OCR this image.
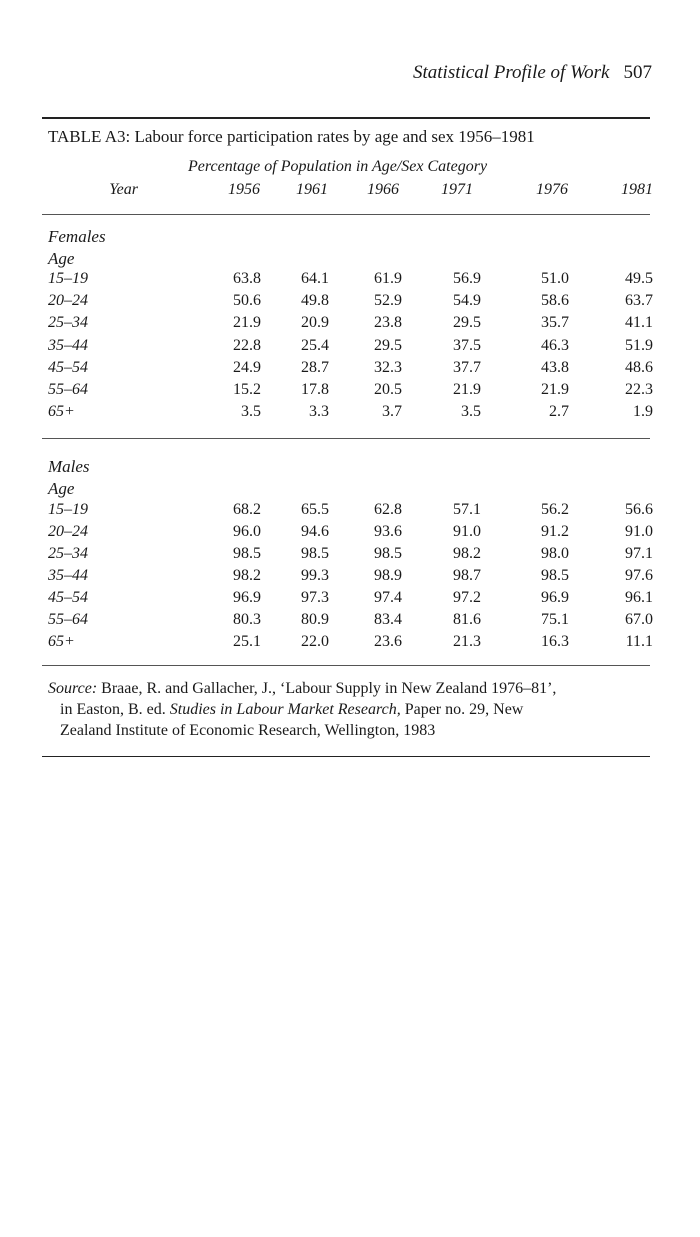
Statistical Profile of Work 507
TABLE A3: Labour force participation rates by age and sex 1956–1981
Percentage of Population in Age/Sex Category
Year	1956	1961	1966	1971	1976	1981
Females
Age
15–19	63.8	64.1	61.9	56.9	51.0	49.5
20–24	50.6	49.8	52.9	54.9	58.6	63.7
25–34	21.9	20.9	23.8	29.5	35.7	41.1
35–44	22.8	25.4	29.5	37.5	46.3	51.9
45–54	24.9	28.7	32.3	37.7	43.8	48.6
55–64	15.2	17.8	20.5	21.9	21.9	22.3
65+	3.5	3.3	3.7	3.5	2.7	1.9
Males
Age
15–19	68.2	65.5	62.8	57.1	56.2	56.6
20–24	96.0	94.6	93.6	91.0	91.2	91.0
25–34	98.5	98.5	98.5	98.2	98.0	97.1
35–44	98.2	99.3	98.9	98.7	98.5	97.6
45–54	96.9	97.3	97.4	97.2	96.9	96.1
55–64	80.3	80.9	83.4	81.6	75.1	67.0
65+	25.1	22.0	23.6	21.3	16.3	11.1
Source: Braae, R. and Gallacher, J., ‘Labour Supply in New Zealand 1976–81’,
in Easton, B. ed. Studies in Labour Market Research, Paper no. 29, New
Zealand Institute of Economic Research, Wellington, 1983
